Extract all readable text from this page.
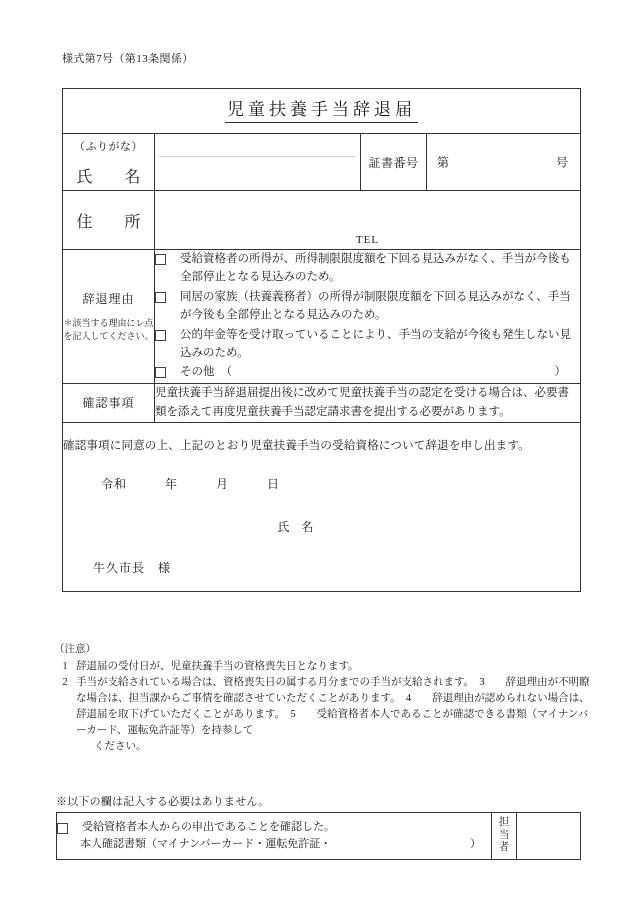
様式第7号（第13条関係）
児童扶養手当辞退届			

（ふりがな）
氏名		証書番号	第 号

住所	TEL		

辞退理由
＊該当する理由にレ点を記入してください。

受給資格者の所得が、所得制限限度額を下回る見込みがなく、手当が今後も全部停止となる見込みのため。
同居の家族（扶養義務者）の所得が制限限度額を下回る見込みがなく、手当が今後も全部停止となる見込みのため。
公的年金等を受け取っていることにより、手当の支給が今後も発生しない見込みのため。
その他 （	）

確認事項	児童扶養手当辞退届提出後に改めて児童扶養手当の認定を受ける場合は、必要書類を添えて再度児童扶養手当認定請求書を提出する必要があります。		

確認事項に同意の上、上記のとおり児童扶養手当の受給資格について辞退を申し出ます。
令和 年 月 日
氏　名
牛久市長　様			
（注意）
1 辞退届の受付日が、児童扶養手当の資格喪失日となります。
2 手当が支給されている場合は、資格喪失日の属する月分までの手当が支給されます。　3　　辞退理由が不明瞭な場合は、担当課からご事情を確認させていただくことがあります。　4　　辞退理由が認められない場合は、辞退届を取下げていただくことがあります。　5　　受給資格者本人であることが確認できる書類（マイナンバーカード、運転免許証等）を持参して
ください。
※以下の欄は記入する必要はありません。
受給資格者本人からの申出であることを確認した。
本人確認書類（マイナンバーカード・運転免許証・	）

担
当
者
